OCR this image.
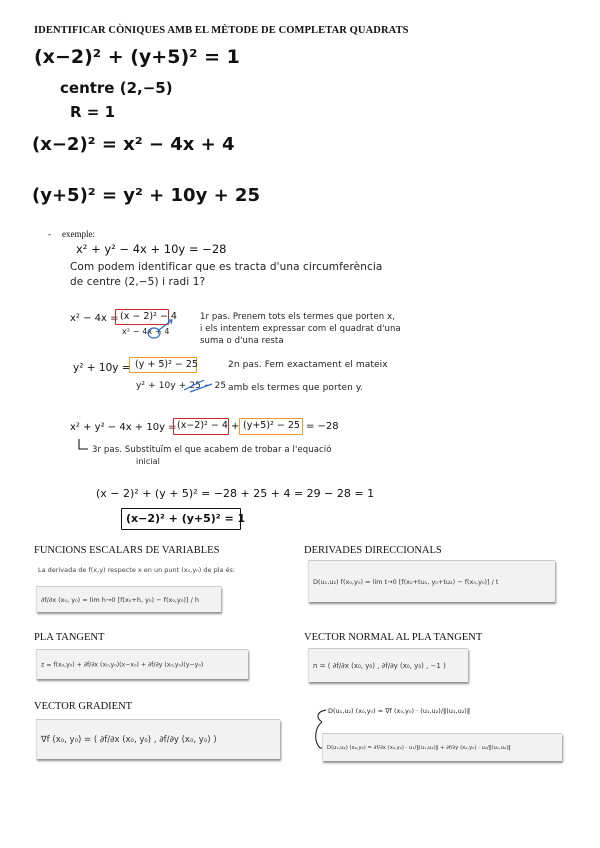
IDENTIFICAR CÒNIQUES AMB EL MÈTODE DE COMPLETAR QUADRATS
(x−2)² + (y+5)² = 1
centre (2,−5)
R = 1
(x−2)² = x² − 4x + 4
(y+5)² = y² + 10y + 25
- exemple:
x² + y² − 4x + 10y = −28
Com podem identificar que es tracta d'una circumferència
de centre (2,−5) i radi 1?
x² − 4x = (x − 2)² − 4
x² − 4x + 4
1r pas. Prenem tots els termes que porten x,
i els intentem expressar com el quadrat d'una
suma o d'una resta
y² + 10y = (y + 5)² − 25
y² + 10y + 25 − 25
2n pas. Fem exactament el mateix
amb els termes que porten y.
x² + y² − 4x + 10y = (x−2)² − 4 + (y+5)² − 25 = −28
3r pas. Substituïm el que acabem de trobar a l'equació
inicial
(x − 2)² + (y + 5)² = −28 + 25 + 4 = 29 − 28 = 1
(x−2)² + (y+5)² = 1
FUNCIONS ESCALARS DE VARIABLES
La derivada de f(x,y) respecte x en un punt (x₀,y₀) de pla és:
∂f/∂x (x₀, y₀) = lim h→0 [f(x₀+h, y₀) − f(x₀,y₀)] / h
DERIVADES DIRECCIONALS
D(u₁,u₂) f(x₀,y₀) = lim t→0 [f(x₀+tu₁, y₀+tu₂) − f(x₀,y₀)] / t
PLA TANGENT
z = f(x₀,y₀) + ∂f/∂x (x₀,y₀)(x−x₀) + ∂f/∂y (x₀,y₀)(y−y₀)
VECTOR NORMAL AL PLA TANGENT
n = ( ∂f/∂x (x₀, y₀) , ∂f/∂y (x₀, y₀) , −1 )
VECTOR GRADIENT
∇f (x₀, y₀) = ( ∂f/∂x (x₀, y₀) , ∂f/∂y (x₀, y₀) )
D(u₁,u₂) (x₀,y₀) = ∇f (x₀,y₀) · (u₁,u₂)/‖(u₁,u₂)‖
D(u₁,u₂) (x₀,y₀) = ∂f/∂x (x₀,y₀) · u₁/‖(u₁,u₂)‖ + ∂f/∂y (x₀,y₀) · u₂/‖(u₁,u₂)‖
